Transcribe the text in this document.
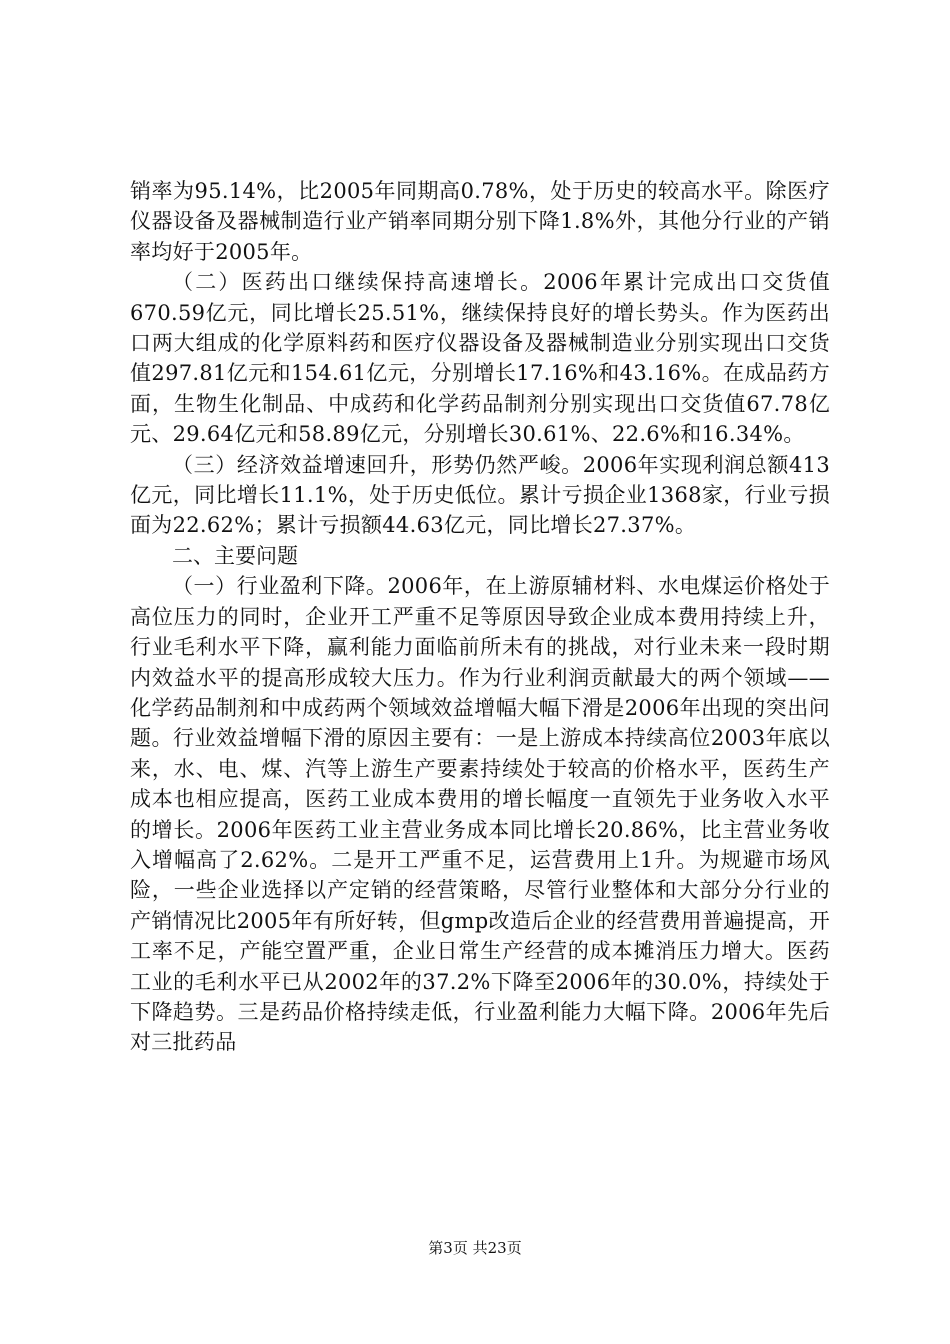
销率为95.14%，比2005年同期高0.78%，处于历史的较高水平。除医疗仪器设备及器械制造行业产销率同期分别下降1.8%外，其他分行业的产销率均好于2005年。

（二）医药出口继续保持高速增长。2006年累计完成出口交货值670.59亿元，同比增长25.51%，继续保持良好的增长势头。作为医药出口两大组成的化学原料药和医疗仪器设备及器械制造业分别实现出口交货值297.81亿元和154.61亿元，分别增长17.16%和43.16%。在成品药方面，生物生化制品、中成药和化学药品制剂分别实现出口交货值67.78亿元、29.64亿元和58.89亿元，分别增长30.61%、22.6%和16.34%。

（三）经济效益增速回升，形势仍然严峻。2006年实现利润总额413亿元，同比增长11.1%，处于历史低位。累计亏损企业1368家，行业亏损面为22.62%；累计亏损额44.63亿元，同比增长27.37%。

二、主要问题

（一）行业盈利下降。2006年，在上游原辅材料、水电煤运价格处于高位压力的同时，企业开工严重不足等原因导致企业成本费用持续上升，行业毛利水平下降，赢利能力面临前所未有的挑战，对行业未来一段时期内效益水平的提高形成较大压力。作为行业利润贡献最大的两个领域——化学药品制剂和中成药两个领域效益增幅大幅下滑是2006年出现的突出问题。行业效益增幅下滑的原因主要有：一是上游成本持续高位2003年底以来，水、电、煤、汽等上游生产要素持续处于较高的价格水平，医药生产成本也相应提高，医药工业成本费用的增长幅度一直领先于业务收入水平的增长。2006年医药工业主营业务成本同比增长20.86%，比主营业务收入增幅高了2.62%。二是开工严重不足，运营费用上1升。为规避市场风险，一些企业选择以产定销的经营策略，尽管行业整体和大部分分行业的产销情况比2005年有所好转，但gmp改造后企业的经营费用普遍提高，开工率不足，产能空置严重，企业日常生产经营的成本摊消压力增大。医药工业的毛利水平已从2002年的37.2%下降至2006年的30.0%，持续处于下降趋势。三是药品价格持续走低，行业盈利能力大幅下降。2006年先后对三批药品

第3页 共23页
